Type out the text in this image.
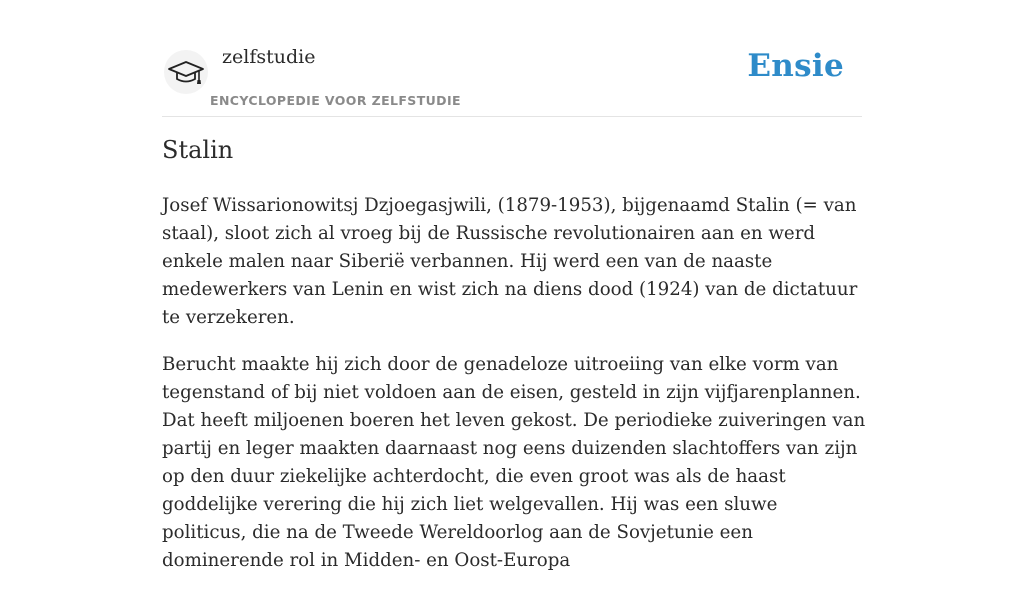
zelfstudie
ENCYCLOPEDIE VOOR ZELFSTUDIE
Ensie
Stalin

Josef Wissarionowitsj Dzjoegasjwili, (1879-1953), bijgenaamd Stalin (= van staal), sloot zich al vroeg bij de Russische revolutionairen aan en werd enkele malen naar Siberië verbannen. Hij werd een van de naaste medewerkers van Lenin en wist zich na diens dood (1924) van de dictatuur te verzekeren.

Berucht maakte hij zich door de genadeloze uitroeiing van elke vorm van tegenstand of bij niet voldoen aan de eisen, gesteld in zijn vijfjarenplannen. Dat heeft miljoenen boeren het leven gekost. De periodieke zuiveringen van partij en leger maakten daarnaast nog eens duizenden slachtoffers van zijn op den duur ziekelijke achterdocht, die even groot was als de haast goddelijke verering die hij zich liet welgevallen. Hij was een sluwe politicus, die na de Tweede Wereldoorlog aan de Sovjetunie een dominerende rol in Midden- en Oost-Europa
